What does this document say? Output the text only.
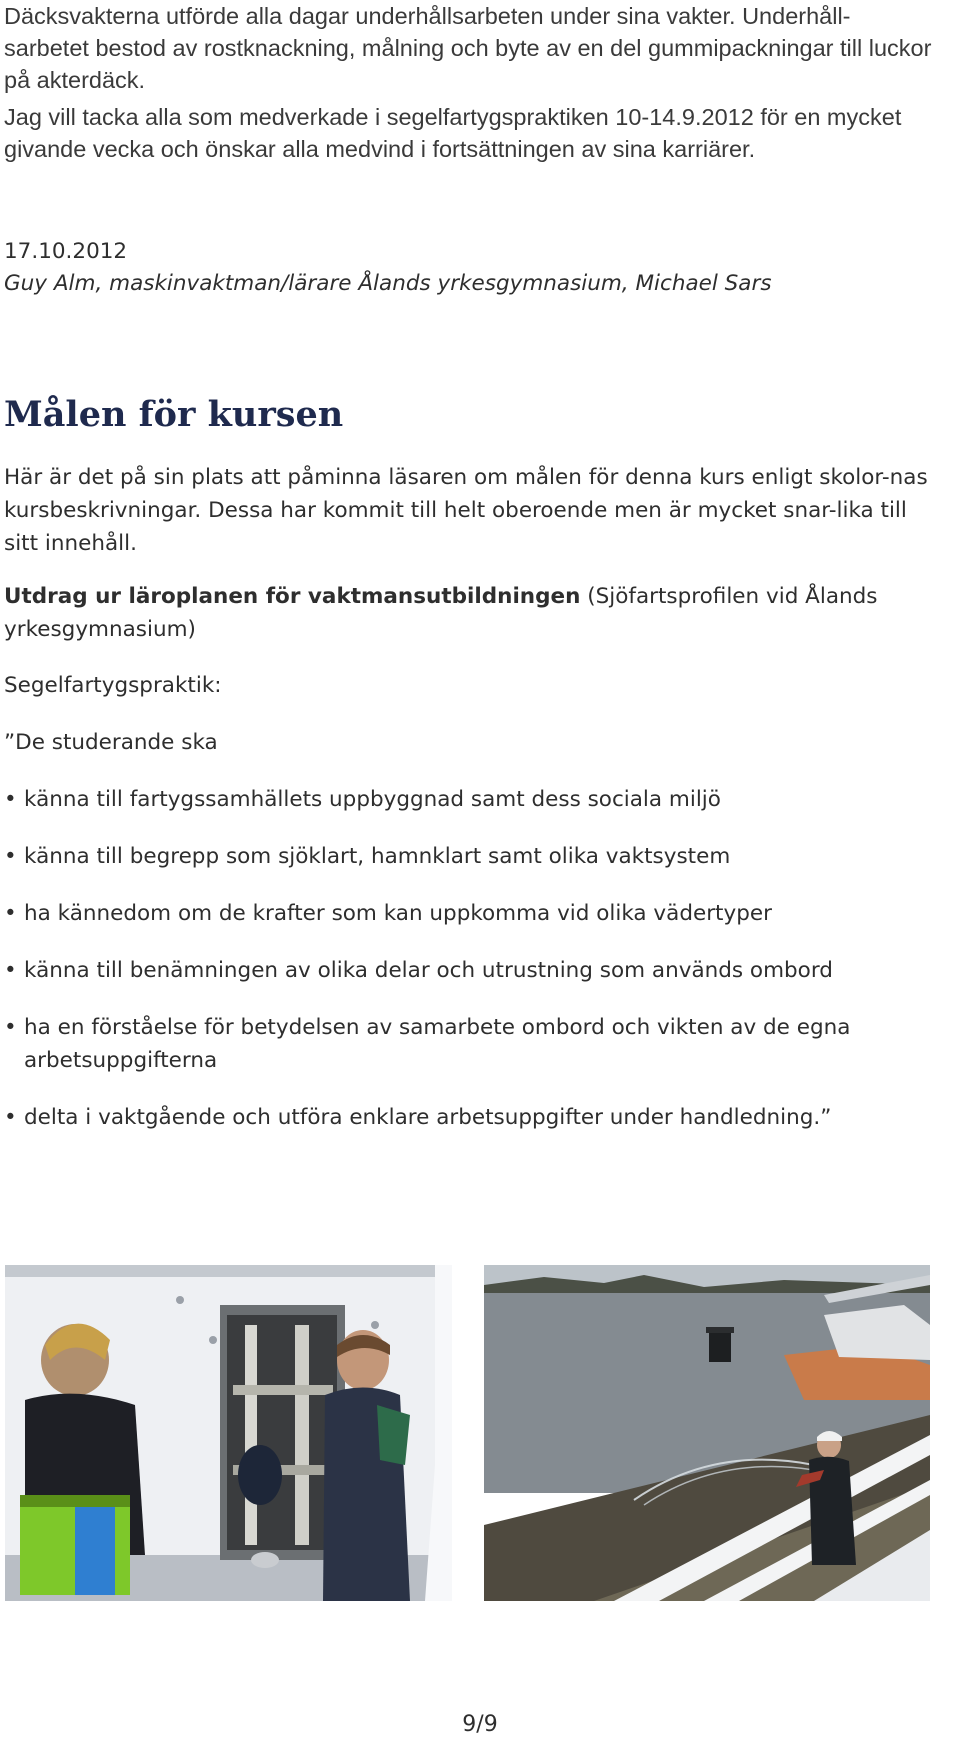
Däcksvakterna utförde alla dagar underhållsarbeten under sina vakter. Underhåll-sarbetet bestod av rostknackning, målning och byte av en del gummipackningar till luckor på akterdäck.

Jag vill tacka alla som medverkade i segelfartygspraktiken 10-14.9.2012 för en mycket givande vecka och önskar alla medvind i fortsättningen av sina karriärer.

17.10.2012

Guy Alm, maskinvaktman/lärare Ålands yrkesgymnasium, Michael Sars

Målen för kursen

Här är det på sin plats att påminna läsaren om målen för denna kurs enligt skolor-nas kursbeskrivningar. Dessa har kommit till helt oberoende men är mycket snar-lika till sitt innehåll.

Utdrag ur läroplanen för vaktmansutbildningen (Sjöfartsprofilen vid Ålands yrkesgymnasium)

Segelfartygspraktik:

”De studerande ska

• känna till fartygssamhällets uppbyggnad samt dess sociala miljö
• känna till begrepp som sjöklart, hamnklart samt olika vaktsystem
• ha kännedom om de krafter som kan uppkomma vid olika vädertyper
• känna till benämningen av olika delar och utrustning som används ombord
• ha en förståelse för betydelsen av samarbete ombord och vikten av de egna arbetsuppgifterna
• delta i vaktgående och utföra enklare arbetsuppgifter under handledning.”
9/9
